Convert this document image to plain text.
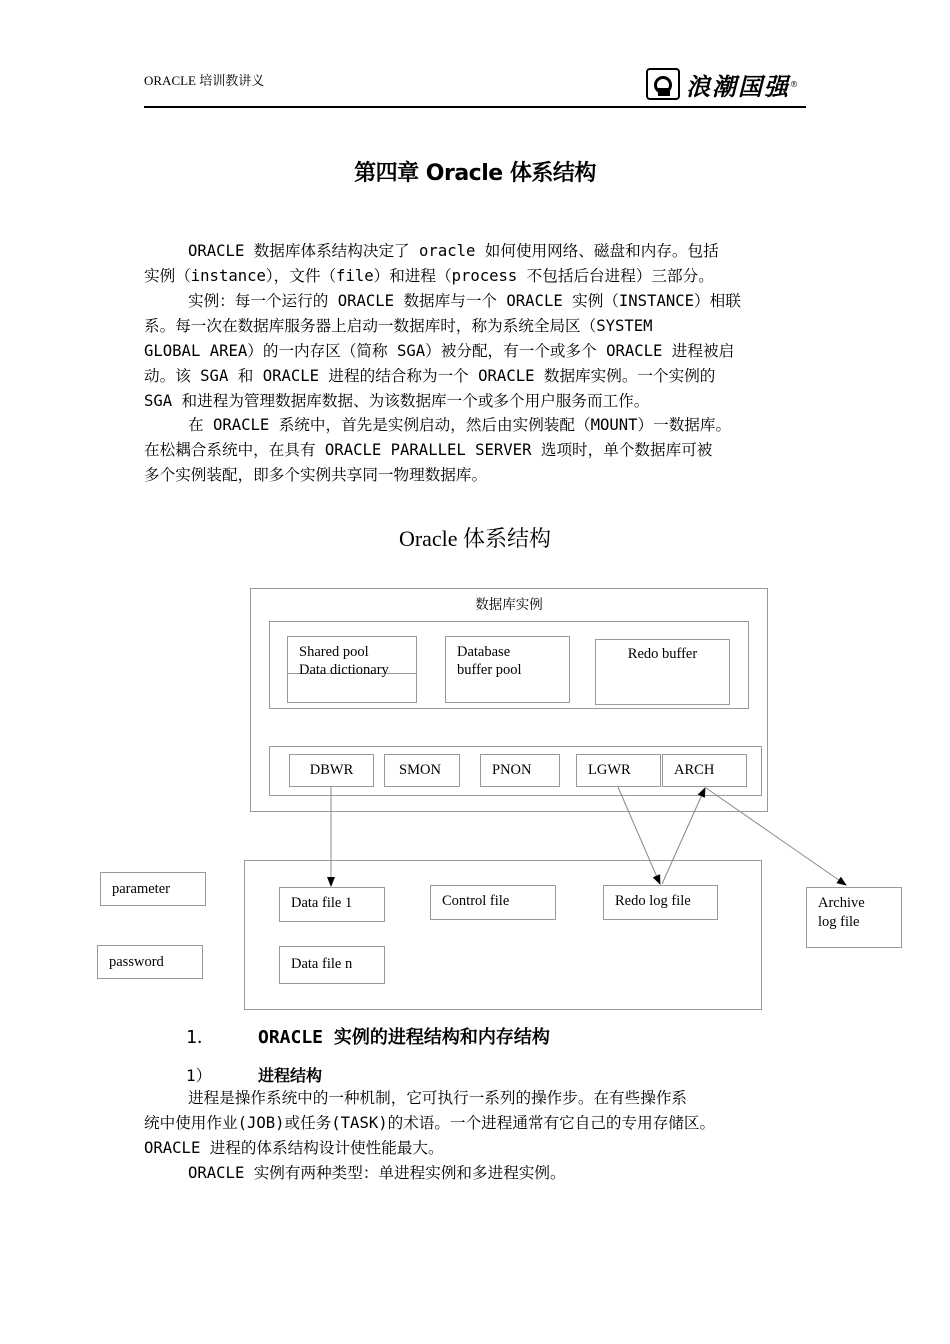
ORACLE 培训教讲义	浪潮国强 ®
第四章 Oracle 体系结构
ORACLE 数据库体系结构决定了 oracle 如何使用网络、磁盘和内存。包括
实例（instance），文件（file）和进程（process 不包括后台进程）三部分。
实例：每一个运行的 ORACLE 数据库与一个 ORACLE 实例（INSTANCE）相联
系。每一次在数据库服务器上启动一数据库时，称为系统全局区（SYSTEM
GLOBAL AREA）的一内存区（简称 SGA）被分配，有一个或多个 ORACLE 进程被启
动。该 SGA 和 ORACLE 进程的结合称为一个 ORACLE 数据库实例。一个实例的
SGA 和进程为管理数据库数据、为该数据库一个或多个用户服务而工作。
在 ORACLE 系统中，首先是实例启动，然后由实例装配（MOUNT）一数据库。
在松耦合系统中，在具有 ORACLE PARALLEL SERVER 选项时，单个数据库可被
多个实例装配，即多个实例共享同一物理数据库。
Oracle 体系结构
数据库实例
Shared pool
Data dictionary
Database
buffer pool
Redo buffer
DBWR	SMON	PNON	LGWR	ARCH
Data file 1	Control file	Redo log file
Data file n
parameter
password
Archive
log file
1． ORACLE 实例的进程结构和内存结构
1）	进程结构
进程是操作系统中的一种机制，它可执行一系列的操作步。在有些操作系
统中使用作业(JOB)或任务(TASK)的术语。一个进程通常有它自己的专用存储区。
ORACLE 进程的体系结构设计使性能最大。
ORACLE 实例有两种类型：单进程实例和多进程实例。
